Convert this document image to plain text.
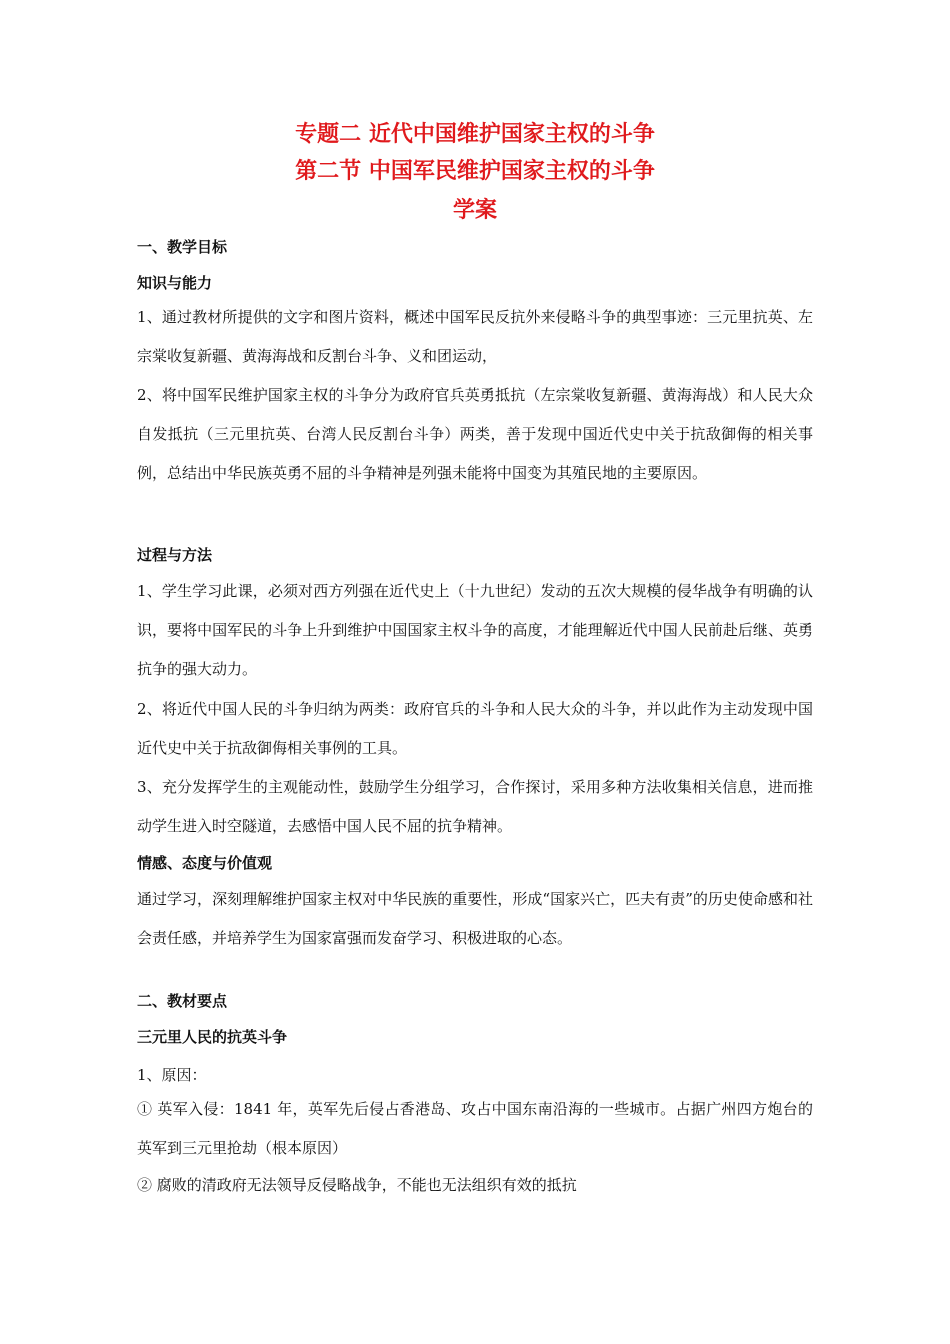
专题二 近代中国维护国家主权的斗争
第二节 中国军民维护国家主权的斗争
学案
一、教学目标
知识与能力

1、通过教材所提供的文字和图片资料，概述中国军民反抗外来侵略斗争的典型事迹：三元里抗英、左宗棠收复新疆、黄海海战和反割台斗争、义和团运动，

2、将中国军民维护国家主权的斗争分为政府官兵英勇抵抗（左宗棠收复新疆、黄海海战）和人民大众自发抵抗（三元里抗英、台湾人民反割台斗争）两类，善于发现中国近代史中关于抗敌御侮的相关事例，总结出中华民族英勇不屈的斗争精神是列强未能将中国变为其殖民地的主要原因。

过程与方法

1、学生学习此课，必须对西方列强在近代史上（十九世纪）发动的五次大规模的侵华战争有明确的认识，要将中国军民的斗争上升到维护中国国家主权斗争的高度，才能理解近代中国人民前赴后继、英勇抗争的强大动力。

2、将近代中国人民的斗争归纳为两类：政府官兵的斗争和人民大众的斗争，并以此作为主动发现中国近代史中关于抗敌御侮相关事例的工具。

3、充分发挥学生的主观能动性，鼓励学生分组学习，合作探讨，采用多种方法收集相关信息，进而推动学生进入时空隧道，去感悟中国人民不屈的抗争精神。

情感、态度与价值观

通过学习，深刻理解维护国家主权对中华民族的重要性，形成“国家兴亡，匹夫有责”的历史使命感和社会责任感，并培养学生为国家富强而发奋学习、积极进取的心态。

二、教材要点
三元里人民的抗英斗争
1、原因：

① 英军入侵：1841 年，英军先后侵占香港岛、攻占中国东南沿海的一些城市。占据广州四方炮台的英军到三元里抢劫（根本原因）

② 腐败的清政府无法领导反侵略战争，不能也无法组织有效的抵抗
